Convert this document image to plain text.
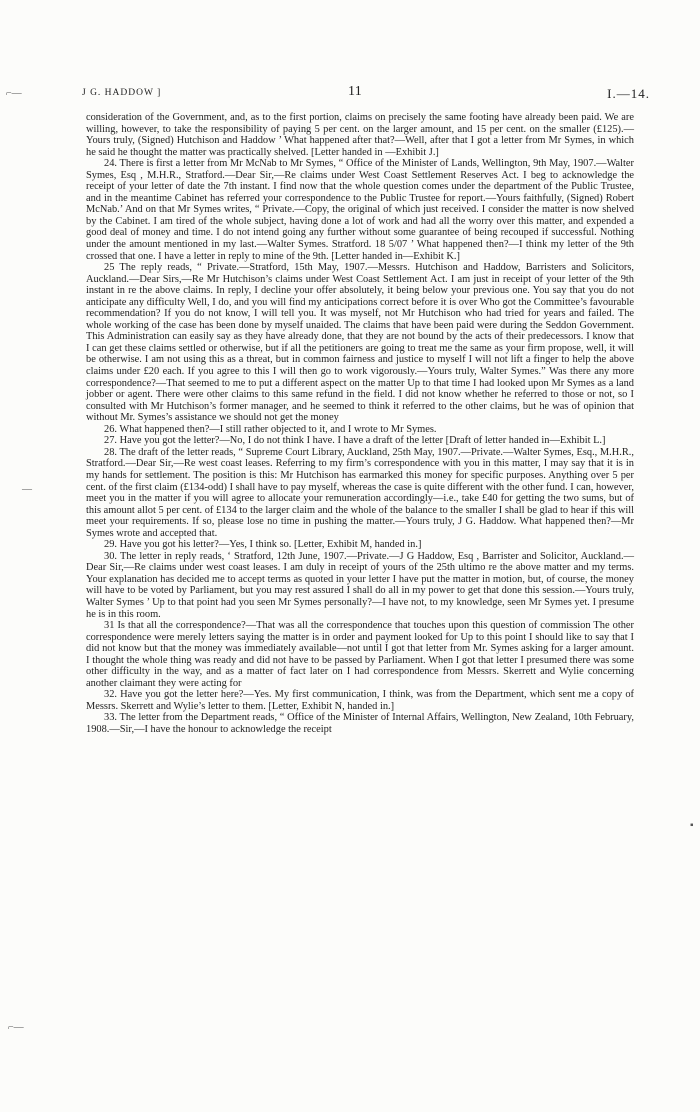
⌐—
—
⌐—
▪
J G. HADDOW ]	11	I.—14.

consideration of the Government, and, as to the first portion, claims on precisely the same footing have already been paid. We are willing, however, to take the responsibility of paying 5 per cent. on the larger amount, and 15 per cent. on the smaller (£125).—Yours truly, (Signed) Hutchison and Haddow ’ What happened after that?—Well, after that I got a letter from Mr Symes, in which he said he thought the matter was practically shelved. [Letter handed in —Exhibit J.]

24. There is first a letter from Mr McNab to Mr Symes, “ Office of the Minister of Lands, Wellington, 9th May, 1907.—Walter Symes, Esq , M.H.R., Stratford.—Dear Sir,—Re claims under West Coast Settlement Reserves Act. I beg to acknowledge the receipt of your letter of date the 7th instant. I find now that the whole question comes under the department of the Public Trustee, and in the meantime Cabinet has referred your correspondence to the Public Trustee for report.—Yours faithfully, (Signed) Robert McNab.’ And on that Mr Symes writes, “ Private.—Copy, the original of which just received. I consider the matter is now shelved by the Cabinet. I am tired of the whole subject, having done a lot of work and had all the worry over this matter, and expended a good deal of money and time. I do not intend going any further without some guarantee of being recouped if successful. Nothing under the amount mentioned in my last.—Walter Symes. Stratford. 18 5/07 ’ What happened then?—I think my letter of the 9th crossed that one. I have a letter in reply to mine of the 9th. [Letter handed in—Exhibit K.]

25 The reply reads, “ Private.—Stratford, 15th May, 1907.—Messrs. Hutchison and Haddow, Barristers and Solicitors, Auckland.—Dear Sirs,—Re Mr Hutchison’s claims under West Coast Settlement Act. I am just in receipt of your letter of the 9th instant in re the above claims. In reply, I decline your offer absolutely, it being below your previous one. You say that you do not anticipate any difficulty Well, I do, and you will find my anticipations correct before it is over Who got the Committee’s favourable recommendation? If you do not know, I will tell you. It was myself, not Mr Hutchison who had tried for years and failed. The whole working of the case has been done by myself unaided. The claims that have been paid were during the Seddon Government. This Administration can easily say as they have already done, that they are not bound by the acts of their predecessors. I know that I can get these claims settled or otherwise, but if all the petitioners are going to treat me the same as your firm propose, well, it will be otherwise. I am not using this as a threat, but in common fairness and justice to myself I will not lift a finger to help the above claims under £20 each. If you agree to this I will then go to work vigorously.—Yours truly, Walter Symes.” Was there any more correspondence?—That seemed to me to put a different aspect on the matter Up to that time I had looked upon Mr Symes as a land jobber or agent. There were other claims to this same refund in the field. I did not know whether he referred to those or not, so I consulted with Mr Hutchison’s former manager, and he seemed to think it referred to the other claims, but he was of opinion that without Mr. Symes’s assistance we should not get the money

26. What happened then?—I still rather objected to it, and I wrote to Mr Symes.

27. Have you got the letter?—No, I do not think I have. I have a draft of the letter [Draft of letter handed in—Exhibit L.]

28. The draft of the letter reads, “ Supreme Court Library, Auckland, 25th May, 1907.—Private.—Walter Symes, Esq., M.H.R., Stratford.—Dear Sir,—Re west coast leases. Referring to my firm’s correspondence with you in this matter, I may say that it is in my hands for settlement. The position is this: Mr Hutchison has earmarked this money for specific purposes. Anything over 5 per cent. of the first claim (£134-odd) I shall have to pay myself, whereas the case is quite different with the other fund. I can, however, meet you in the matter if you will agree to allocate your remuneration accordingly—i.e., take £40 for getting the two sums, but of this amount allot 5 per cent. of £134 to the larger claim and the whole of the balance to the smaller I shall be glad to hear if this will meet your requirements. If so, please lose no time in pushing the matter.—Yours truly, J G. Haddow. What happened then?—Mr Symes wrote and accepted that.

29. Have you got his letter?—Yes, I think so. [Letter, Exhibit M, handed in.]

30. The letter in reply reads, ‘ Stratford, 12th June, 1907.—Private.—J G Haddow, Esq , Barrister and Solicitor, Auckland.—Dear Sir,—Re claims under west coast leases. I am duly in receipt of yours of the 25th ultimo re the above matter and my terms. Your explanation has decided me to accept terms as quoted in your letter I have put the matter in motion, but, of course, the money will have to be voted by Parliament, but you may rest assured I shall do all in my power to get that done this session.—Yours truly, Walter Symes ’ Up to that point had you seen Mr Symes personally?—I have not, to my knowledge, seen Mr Symes yet. I presume he is in this room.

31 Is that all the correspondence?—That was all the correspondence that touches upon this question of commission The other correspondence were merely letters saying the matter is in order and payment looked for Up to this point I should like to say that I did not know but that the money was immediately available—not until I got that letter from Mr. Symes asking for a larger amount. I thought the whole thing was ready and did not have to be passed by Parliament. When I got that letter I presumed there was some other difficulty in the way, and as a matter of fact later on I had correspondence from Messrs. Skerrett and Wylie concerning another claimant they were acting for

32. Have you got the letter here?—Yes. My first communication, I think, was from the Department, which sent me a copy of Messrs. Skerrett and Wylie’s letter to them. [Letter, Exhibit N, handed in.]

33. The letter from the Department reads, “ Office of the Minister of Internal Affairs, Wellington, New Zealand, 10th February, 1908.—Sir,—I have the honour to acknowledge the receipt
